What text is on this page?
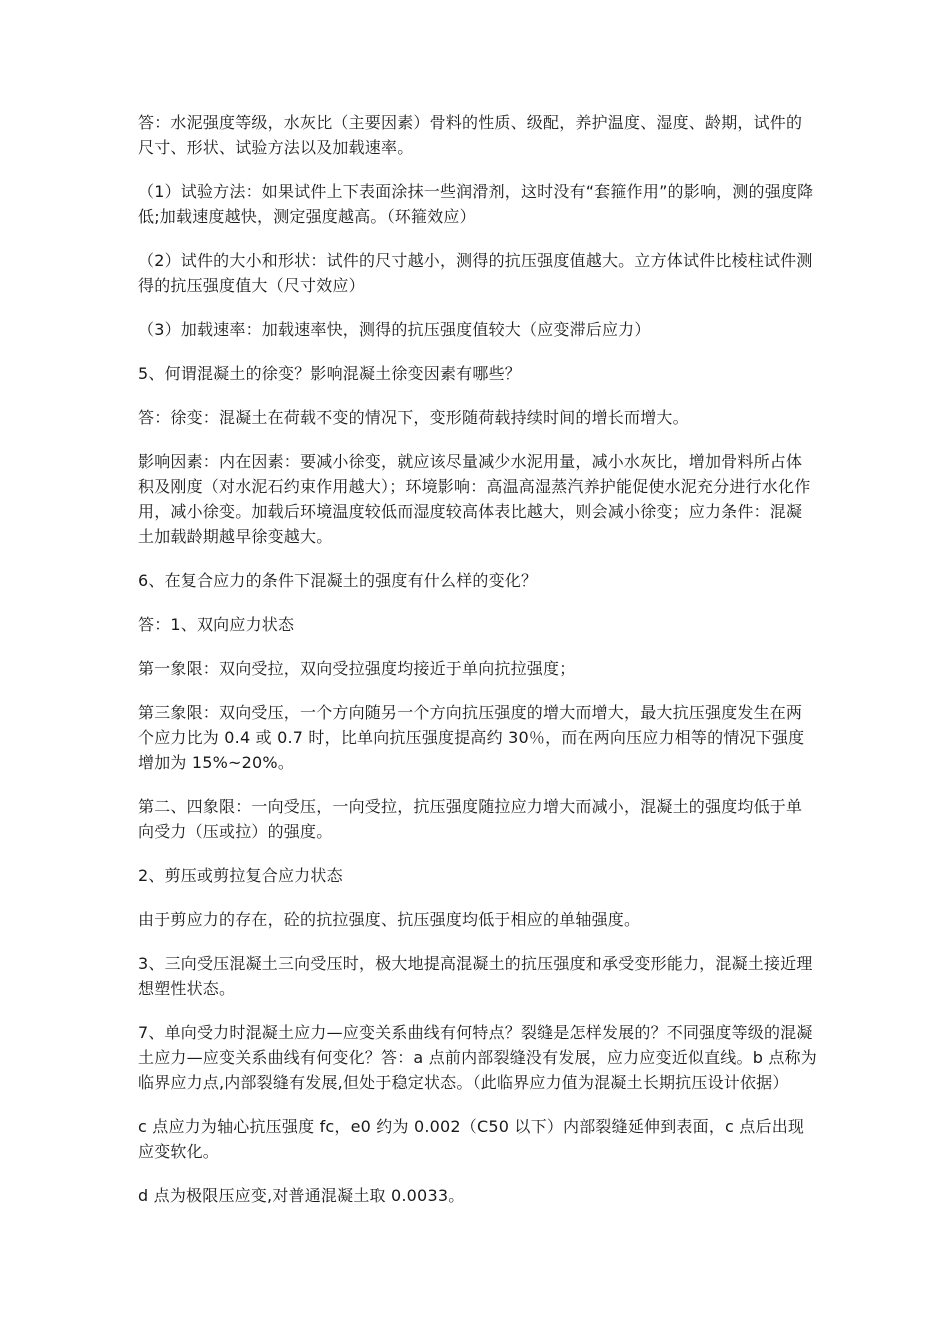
答：水泥强度等级，水灰比（主要因素）骨料的性质、级配，养护温度、湿度、龄期，试件的尺寸、形状、试验方法以及加载速率。

（1）试验方法：如果试件上下表面涂抹一些润滑剂，这时没有“套箍作用”的影响，测的强度降低;加载速度越快，测定强度越高。（环箍效应）

（2）试件的大小和形状：试件的尺寸越小，测得的抗压强度值越大。立方体试件比棱柱试件测得的抗压强度值大（尺寸效应）

（3）加载速率：加载速率快，测得的抗压强度值较大（应变滞后应力）

5、何谓混凝土的徐变？影响混凝土徐变因素有哪些？

答：徐变：混凝土在荷载不变的情况下，变形随荷载持续时间的增长而增大。

影响因素：内在因素：要减小徐变，就应该尽量减少水泥用量，减小水灰比，增加骨料所占体积及刚度（对水泥石约束作用越大）；环境影响：高温高湿蒸汽养护能促使水泥充分进行水化作用，减小徐变。加载后环境温度较低而湿度较高体表比越大，则会减小徐变；应力条件：混凝土加载龄期越早徐变越大。

6、在复合应力的条件下混凝土的强度有什么样的变化？

答：1、双向应力状态

第一象限：双向受拉，双向受拉强度均接近于单向抗拉强度；

第三象限：双向受压，一个方向随另一个方向抗压强度的增大而增大，最大抗压强度发生在两个应力比为 0.4 或 0.7 时，比单向抗压强度提高约 30％，而在两向压应力相等的情况下强度增加为 15%~20%。

第二、四象限：一向受压，一向受拉，抗压强度随拉应力增大而减小，混凝土的强度均低于单向受力（压或拉）的强度。

2、剪压或剪拉复合应力状态

由于剪应力的存在，砼的抗拉强度、抗压强度均低于相应的单轴强度。

3、三向受压混凝土三向受压时，极大地提高混凝土的抗压强度和承受变形能力，混凝土接近理想塑性状态。

7、单向受力时混凝土应力—应变关系曲线有何特点？裂缝是怎样发展的？不同强度等级的混凝土应力—应变关系曲线有何变化？答：a 点前内部裂缝没有发展，应力应变近似直线。b 点称为临界应力点,内部裂缝有发展,但处于稳定状态。（此临界应力值为混凝土长期抗压设计依据）

c 点应力为轴心抗压强度 fc，e0 约为 0.002（C50 以下）内部裂缝延伸到表面，c 点后出现应变软化。

d 点为极限压应变,对普通混凝土取 0.0033。
